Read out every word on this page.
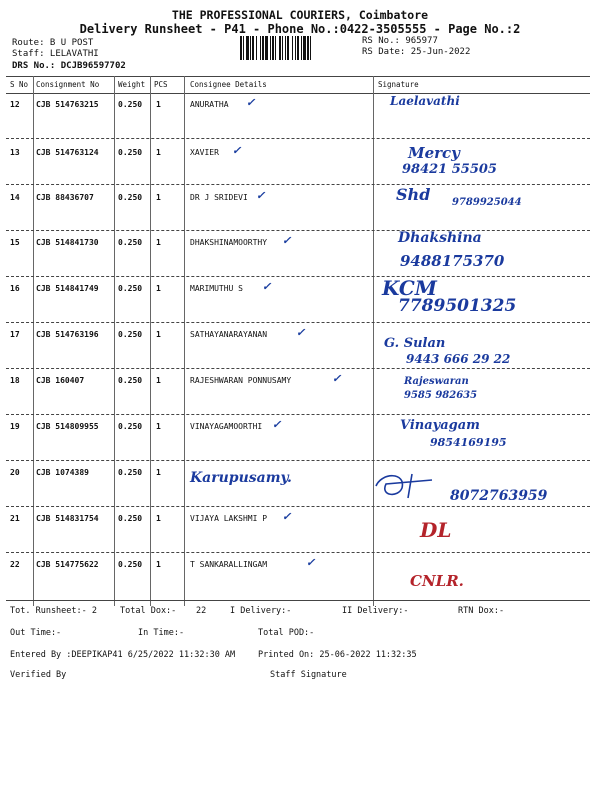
THE PROFESSIONAL COURIERS, Coimbatore
Delivery Runsheet - P41 - Phone No.:0422-3505555 - Page No.:2
Route: B U POST
Staff: LELAVATHI
DRS No.: DCJB96597702
RS No.: 965977
RS Date: 25-Jun-2022
S No Consignment No	Weight PCS	Consignee Details	Signature
12 CJB 514763215 0.250 1	ANURATHA ✓	Laelavathi
13 CJB 514763124 0.250 1	XAVIER ✓	Mercy
98421 55505
14 CJB 88436707	0.250 1	DR J SRIDEVI ✓	Shd 9789925044
15 CJB 514841730 0.250 1	DHAKSHINAMOORTHY ✓	Dhakshina
9488175370
16 CJB 514841749 0.250 1	MARIMUTHU S ✓	KCM
7789501325
17 CJB 514763196 0.250 1	SATHAYANARAYANAN	✓
G. Sulan
9443 666 29 22
18 CJB 160407	0.250 1	RAJESHWARAN PONNUSAMY	✓	Rajeswaran
9585 982635
19 CJB 514809955 0.250 1	VINAYAGAMOORTHI ✓	Vinayagam
9854169195
20 CJB 1074389	0.250 1 Karupusamy.
8072763959
21 CJB 514831754 0.250 1	VIJAYA LAKSHMI P ✓
DL
22 CJB 514775622 0.250 1	T SANKARALLINGAM	✓
CNLR.
Tot. Runsheet:- 2	Total Dox:- 22	I Delivery:-	II Delivery:-	RTN Dox:-
Out Time:-	In Time:-	Total POD:-
Entered By :DEEPIKAP41 6/25/2022 11:32:30 AM	Printed On: 25-06-2022 11:32:35
Verified By	Staff Signature
